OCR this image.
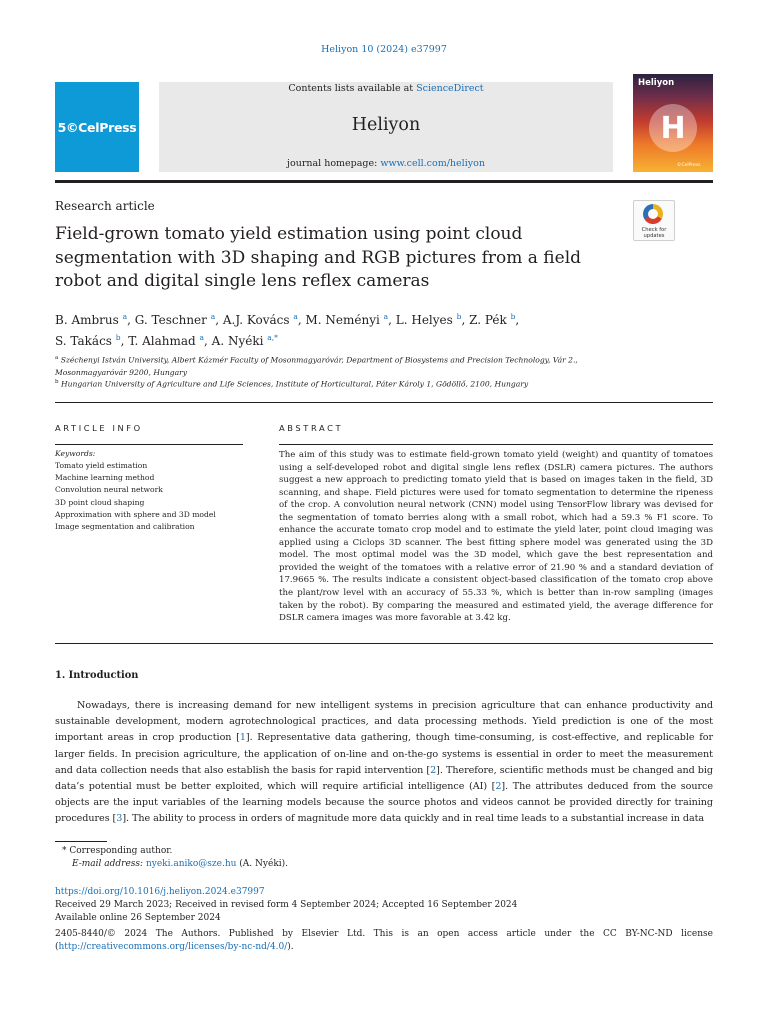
Heliyon 10 (2024) e37997
5©CelPress
Contents lists available at ScienceDirect
Heliyon
journal homepage: www.cell.com/heliyon
Heliyon
H
©CelPress
Research article
Field-grown tomato yield estimation using point cloud segmentation with 3D shaping and RGB pictures from a field robot and digital single lens reflex cameras
Check for updates
B. Ambrus $^a$, G. Teschner $^a$, A.J. Kovács $^a$, M. Neményi $^a$, L. Helyes $^b$, Z. Pék $^b$,
S. Takács $^b$, T. Alahmad $^a$, A. Nyéki $^{a,*}$
$^a$ Széchenyi István University, Albert Kázmér Faculty of Mosonmagyaróvár, Department of Biosystems and Precision Technology, Vár 2., Mosonmagyaróvár 9200, Hungary
$^b$ Hungarian University of Agriculture and Life Sciences, Institute of Horticultural, Páter Károly 1, Gödöllő, 2100, Hungary
ARTICLE INFO	ABSTRACT
Keywords:
Tomato yield estimation
Machine learning method
Convolution neural network
3D point cloud shaping
Approximation with sphere and 3D model
Image segmentation and calibration
The aim of this study was to estimate field-grown tomato yield (weight) and quantity of tomatoes using a self-developed robot and digital single lens reflex (DSLR) camera pictures. The authors suggest a new approach to predicting tomato yield that is based on images taken in the field, 3D scanning, and shape. Field pictures were used for tomato segmentation to determine the ripeness of the crop. A convolution neural network (CNN) model using TensorFlow library was devised for the segmentation of tomato berries along with a small robot, which had a 59.3 % F1 score. To enhance the accurate tomato crop model and to estimate the yield later, point cloud imaging was applied using a Ciclops 3D scanner. The best fitting sphere model was generated using the 3D model. The most optimal model was the 3D model, which gave the best representation and provided the weight of the tomatoes with a relative error of 21.90 % and a standard deviation of 17.9665 %. The results indicate a consistent object-based classification of the tomato crop above the plant/row level with an accuracy of 55.33 %, which is better than in-row sampling (images taken by the robot). By comparing the measured and estimated yield, the average difference for DSLR camera images was more favorable at 3.42 kg.
1. Introduction
Nowadays, there is increasing demand for new intelligent systems in precision agriculture that can enhance productivity and sustainable development, modern agrotechnological practices, and data processing methods. Yield prediction is one of the most important areas in crop production [1]. Representative data gathering, though time-consuming, is cost-effective, and replicable for larger fields. In precision agriculture, the application of on-line and on-the-go systems is essential in order to meet the measurement and data collection needs that also establish the basis for rapid intervention [2]. Therefore, scientific methods must be changed and big data’s potential must be better exploited, which will require artificial intelligence (AI) [2]. The attributes deduced from the source objects are the input variables of the learning models because the source photos and videos cannot be provided directly for training procedures [3]. The ability to process in orders of magnitude more data quickly and in real time leads to a substantial increase in data
* Corresponding author.
E-mail address: nyeki.aniko@sze.hu (A. Nyéki).
https://doi.org/10.1016/j.heliyon.2024.e37997
Received 29 March 2023; Received in revised form 4 September 2024; Accepted 16 September 2024
Available online 26 September 2024
2405-8440/© 2024 The Authors. Published by Elsevier Ltd. This is an open access article under the CC BY-NC-ND license (http://creativecommons.org/licenses/by-nc-nd/4.0/).
